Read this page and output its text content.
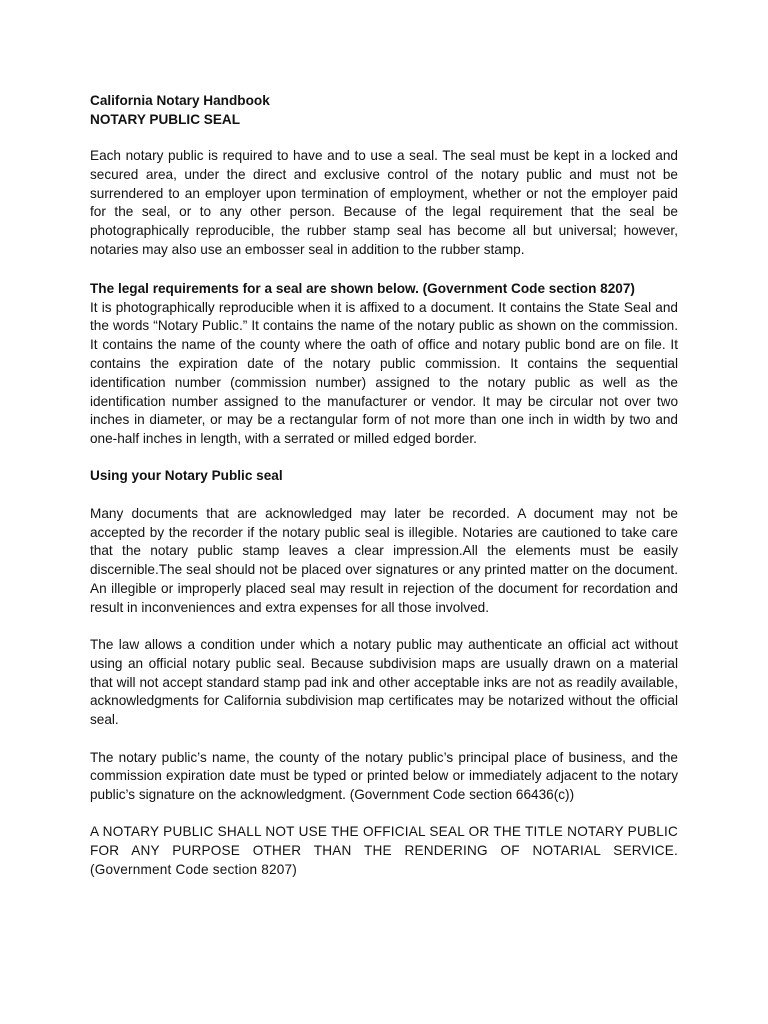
California Notary Handbook
NOTARY PUBLIC SEAL

Each notary public is required to have and to use a seal. The seal must be kept in a locked and secured area, under the direct and exclusive control of the notary public and must not be surrendered to an employer upon termination of employment, whether or not the employer paid for the seal, or to any other person. Because of the legal requirement that the seal be photographically reproducible, the rubber stamp seal has become all but universal; however, notaries may also use an embosser seal in addition to the rubber stamp.

The legal requirements for a seal are shown below. (Government Code section 8207)

It is photographically reproducible when it is affixed to a document. It contains the State Seal and the words “Notary Public.” It contains the name of the notary public as shown on the commission. It contains the name of the county where the oath of office and notary public bond are on file. It contains the expiration date of the notary public commission. It contains the sequential identification number (commission number) assigned to the notary public as well as the identification number assigned to the manufacturer or vendor. It may be circular not over two inches in diameter, or may be a rectangular form of not more than one inch in width by two and one-half inches in length, with a serrated or milled edged border.

Using your Notary Public seal

Many documents that are acknowledged may later be recorded. A document may not be accepted by the recorder if the notary public seal is illegible. Notaries are cautioned to take care that the notary public stamp leaves a clear impression.All the elements must be easily discernible.The seal should not be placed over signatures or any printed matter on the document. An illegible or improperly placed seal may result in rejection of the document for recordation and result in inconveniences and extra expenses for all those involved.

The law allows a condition under which a notary public may authenticate an official act without using an official notary public seal. Because subdivision maps are usually drawn on a material that will not accept standard stamp pad ink and other acceptable inks are not as readily available, acknowledgments for California subdivision map certificates may be notarized without the official seal.

The notary public’s name, the county of the notary public’s principal place of business, and the commission expiration date must be typed or printed below or immediately adjacent to the notary public’s signature on the acknowledgment. (Government Code section 66436(c))

A NOTARY PUBLIC SHALL NOT USE THE OFFICIAL SEAL OR THE TITLE NOTARY PUBLIC FOR ANY PURPOSE OTHER THAN THE RENDERING OF NOTARIAL SERVICE. (Government Code section 8207)
